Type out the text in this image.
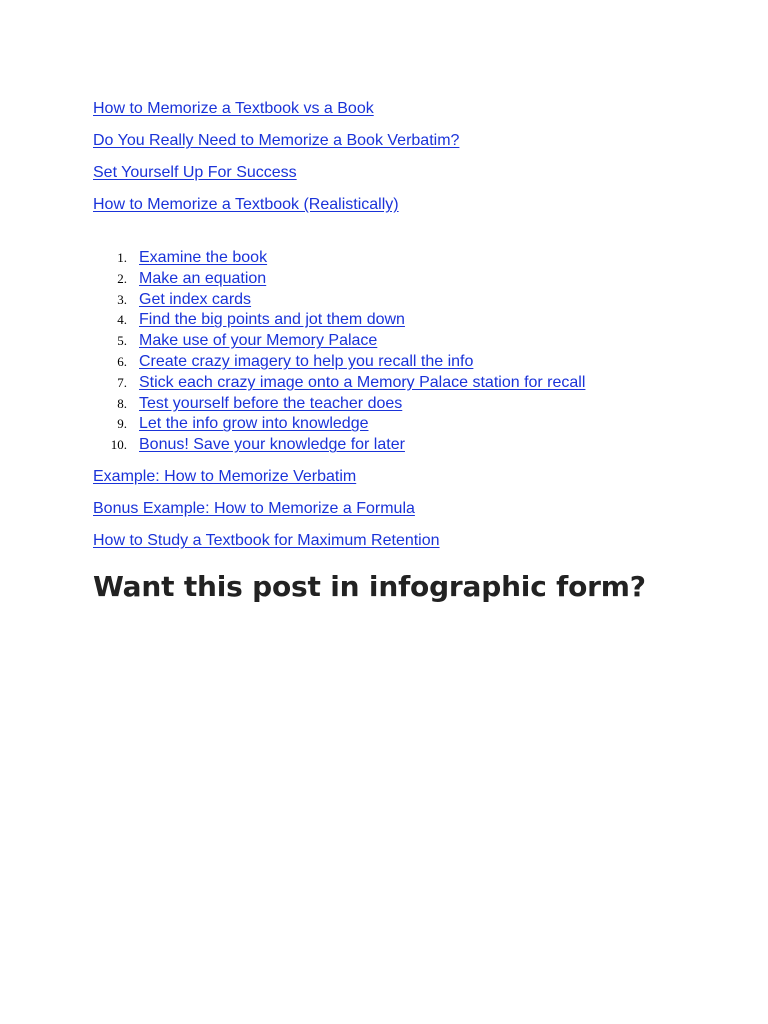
How to Memorize a Textbook vs a Book
Do You Really Need to Memorize a Book Verbatim?
Set Yourself Up For Success
How to Memorize a Textbook (Realistically)
1. Examine the book
2. Make an equation
3. Get index cards
4. Find the big points and jot them down
5. Make use of your Memory Palace
6. Create crazy imagery to help you recall the info
7. Stick each crazy image onto a Memory Palace station for recall
8. Test yourself before the teacher does
9. Let the info grow into knowledge
10. Bonus! Save your knowledge for later
Example: How to Memorize Verbatim
Bonus Example: How to Memorize a Formula
How to Study a Textbook for Maximum Retention
Want this post in infographic form?
